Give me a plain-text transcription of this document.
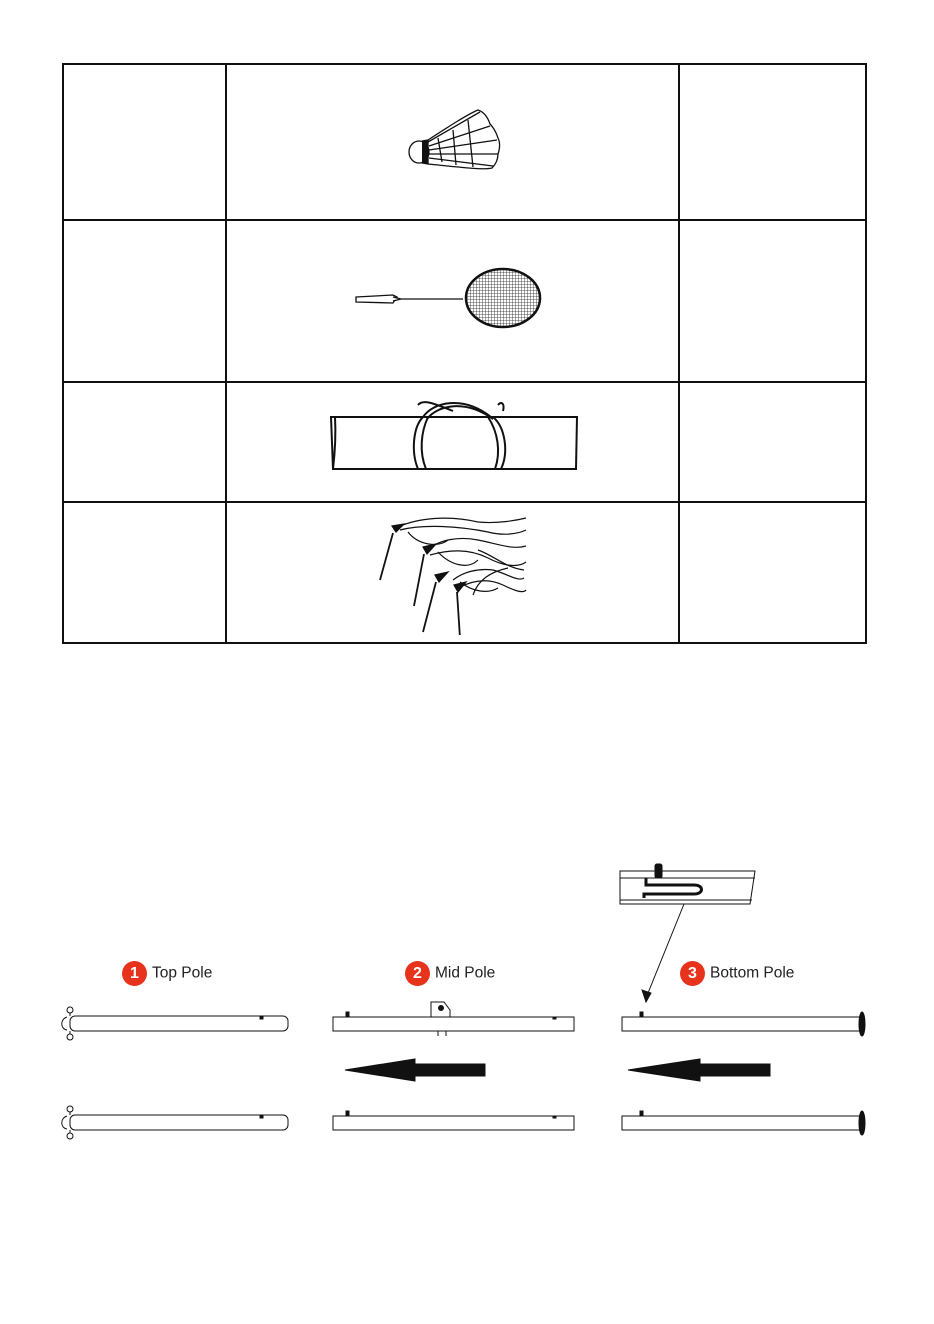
1 Top Pole	2 Mid Pole	3 Bottom Pole
